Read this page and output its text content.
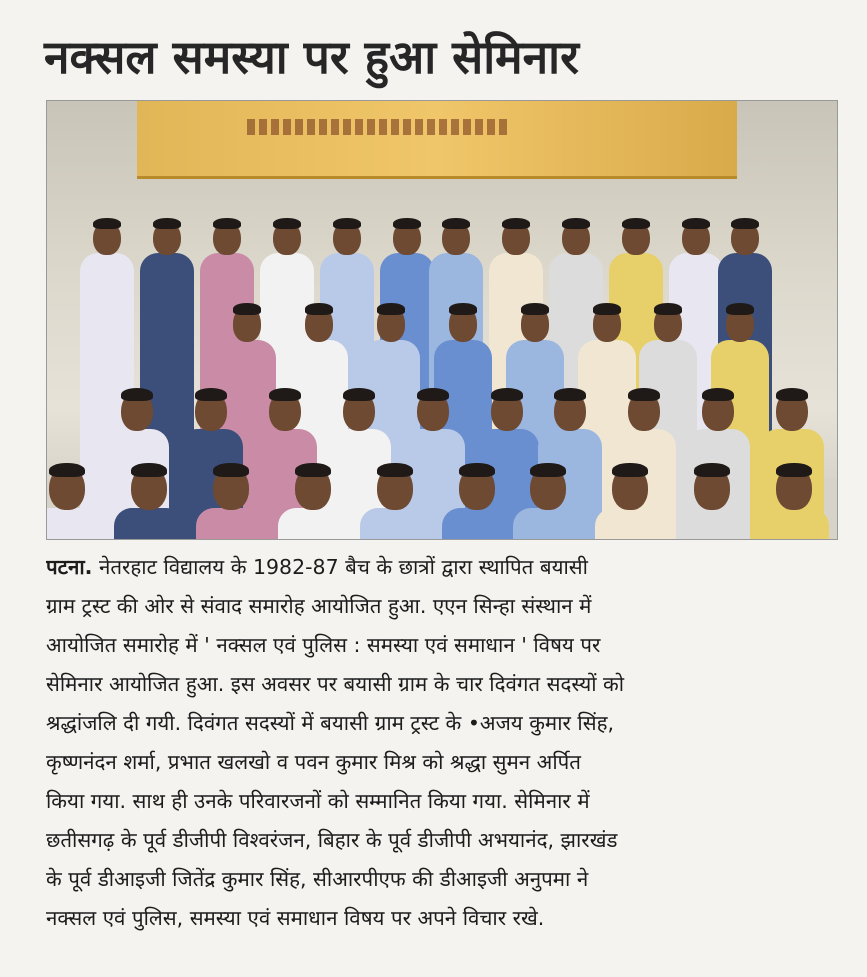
नक्सल समस्या पर हुआ सेमिनार
पटना. नेतरहाट विद्यालय के 1982-87 बैच के छात्रों द्वारा स्थापित बयासी
ग्राम ट्रस्ट की ओर से संवाद समारोह आयोजित हुआ. एएन सिन्हा संस्थान में
आयोजित समारोह में ' नक्सल एवं पुलिस : समस्या एवं समाधान ' विषय पर
सेमिनार आयोजित हुआ. इस अवसर पर बयासी ग्राम के चार दिवंगत सदस्यों को
श्रद्धांजलि दी गयी. दिवंगत सदस्यों में बयासी ग्राम ट्रस्ट के •अजय कुमार सिंह,
कृष्णनंदन शर्मा, प्रभात खलखो व पवन कुमार मिश्र को श्रद्धा सुमन अर्पित
किया गया. साथ ही उनके परिवारजनों को सम्मानित किया गया. सेमिनार में
छतीसगढ़ के पूर्व डीजीपी विश्वरंजन, बिहार के पूर्व डीजीपी अभयानंद, झारखंड
के पूर्व डीआइजी जितेंद्र कुमार सिंह, सीआरपीएफ की डीआइजी अनुपमा ने
नक्सल एवं पुलिस, समस्या एवं समाधान विषय पर अपने विचार रखे.
